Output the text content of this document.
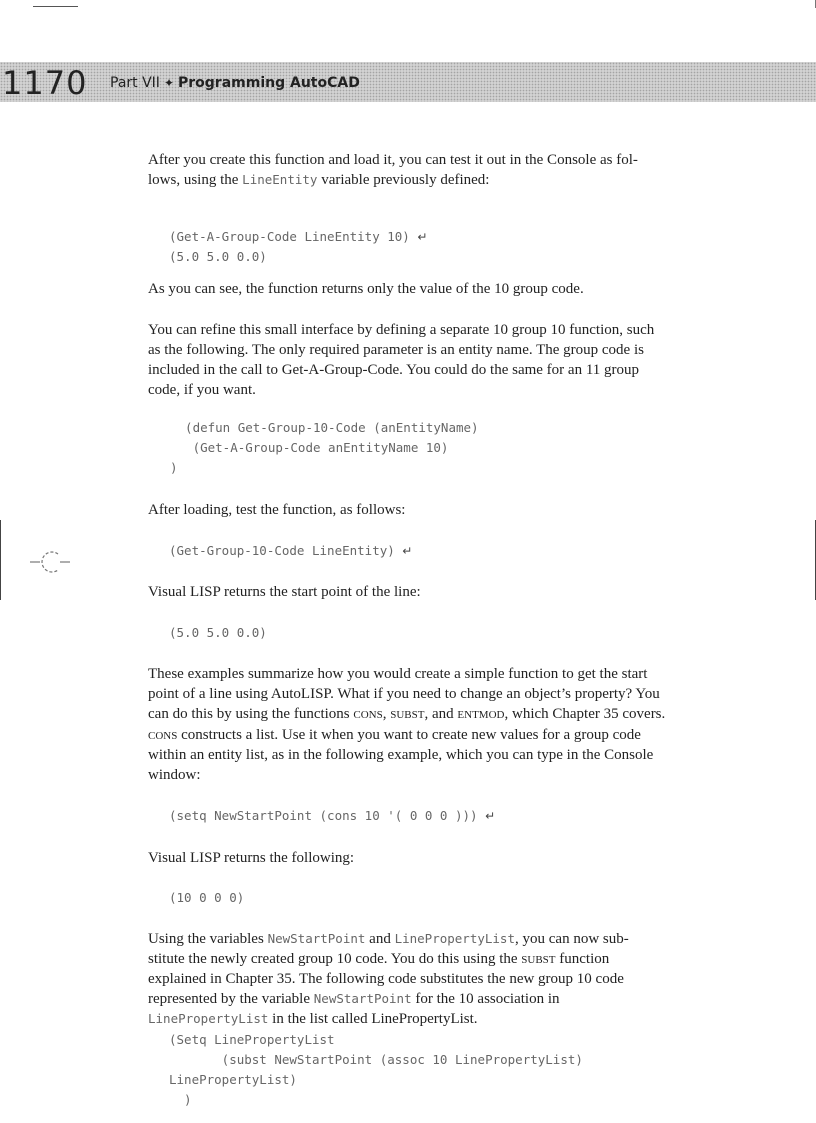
1170 Part VII ✦ Programming AutoCAD

After you create this function and load it, you can test it out in the Console as fol-

lows, using the LineEntity variable previously defined:

(Get-A-Group-Code LineEntity 10) ↵
(5.0 5.0 0.0)

As you can see, the function returns only the value of the 10 group code.

You can refine this small interface by defining a separate 10 group 10 function, such

as the following. The only required parameter is an entity name. The group code is

included in the call to Get-A-Group-Code. You could do the same for an 11 group

code, if you want.

(defun Get-Group-10-Code (anEntityName)
(Get-A-Group-Code anEntityName 10)
)

After loading, test the function, as follows:

(Get-Group-10-Code LineEntity) ↵

Visual LISP returns the start point of the line:

(5.0 5.0 0.0)

These examples summarize how you would create a simple function to get the start

point of a line using AutoLISP. What if you need to change an object’s property? You

can do this by using the functions cons, subst, and entmod, which Chapter 35 covers.

cons constructs a list. Use it when you want to create new values for a group code

within an entity list, as in the following example, which you can type in the Console

window:

(setq NewStartPoint (cons 10 '( 0 0 0 ))) ↵

Visual LISP returns the following:

(10 0 0 0)

Using the variables NewStartPoint and LinePropertyList, you can now sub-

stitute the newly created group 10 code. You do this using the subst function

explained in Chapter 35. The following code substitutes the new group 10 code

represented by the variable NewStartPoint for the 10 association in

LinePropertyList in the list called LinePropertyList.

(Setq LinePropertyList
(subst NewStartPoint (assoc 10 LinePropertyList)
LinePropertyList)
)
